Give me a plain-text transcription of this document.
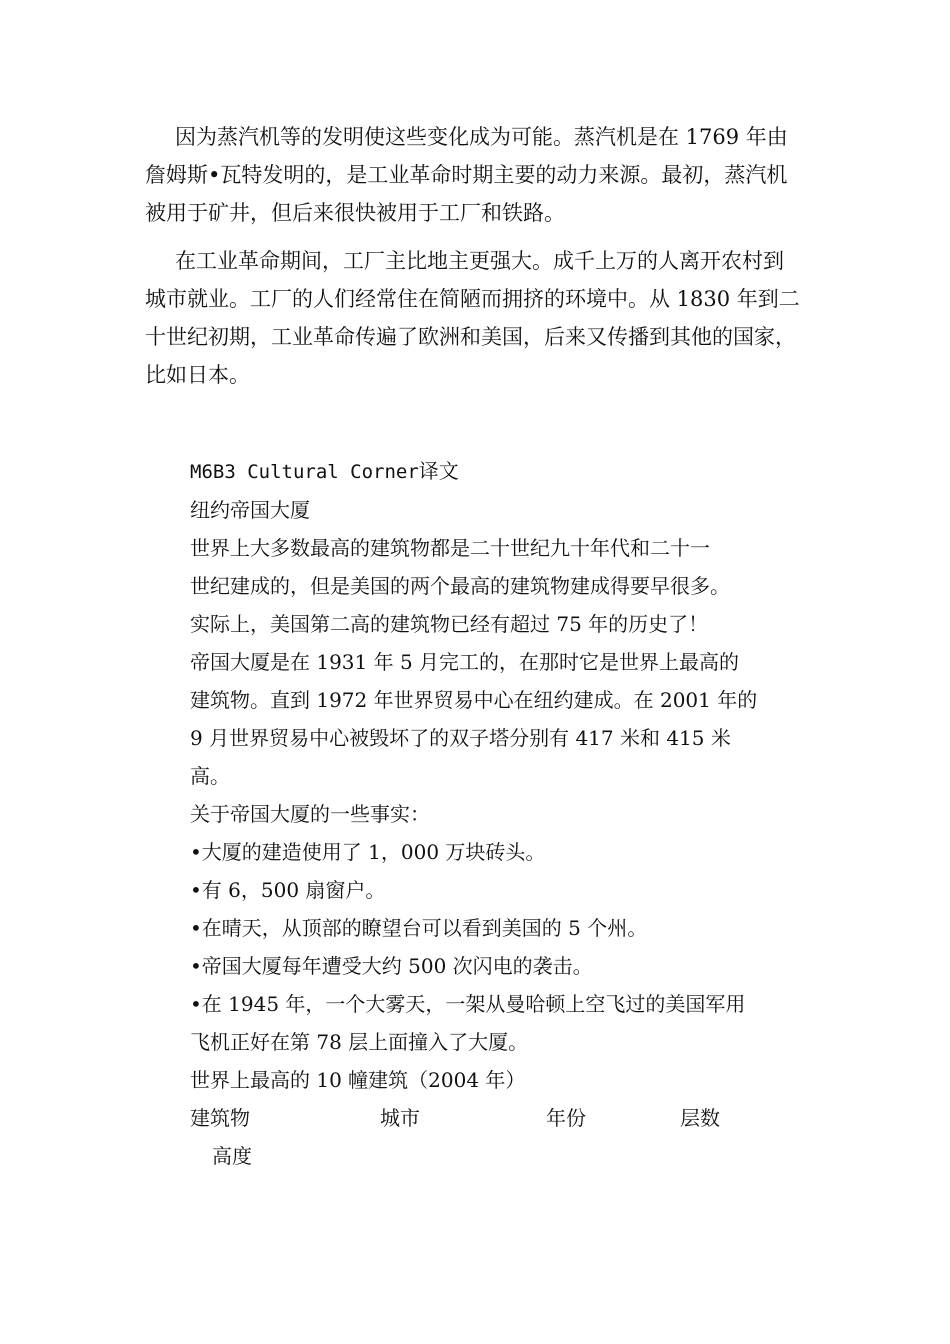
因为蒸汽机等的发明使这些变化成为可能。蒸汽机是在 1769 年由
詹姆斯•瓦特发明的，是工业革命时期主要的动力来源。最初，蒸汽机
被用于矿井，但后来很快被用于工厂和铁路。
在工业革命期间，工厂主比地主更强大。成千上万的人离开农村到
城市就业。工厂的人们经常住在简陋而拥挤的环境中。从 1830 年到二
十世纪初期，工业革命传遍了欧洲和美国，后来又传播到其他的国家，
比如日本。
M6B3 Cultural Corner译文
纽约帝国大厦
世界上大多数最高的建筑物都是二十世纪九十年代和二十一
世纪建成的，但是美国的两个最高的建筑物建成得要早很多。
实际上，美国第二高的建筑物已经有超过 75 年的历史了！
帝国大厦是在 1931 年 5 月完工的，在那时它是世界上最高的
建筑物。直到 1972 年世界贸易中心在纽约建成。在 2001 年的
9 月世界贸易中心被毁坏了的双子塔分别有 417 米和 415 米
高。
关于帝国大厦的一些事实：
•大厦的建造使用了 1，000 万块砖头。
•有 6，500 扇窗户。
•在晴天，从顶部的瞭望台可以看到美国的 5 个州。
•帝国大厦每年遭受大约 500 次闪电的袭击。
•在 1945 年，一个大雾天，一架从曼哈顿上空飞过的美国军用
飞机正好在第 78 层上面撞入了大厦。
世界上最高的 10 幢建筑（2004 年）
建筑物	城市	年份	层数
高度
